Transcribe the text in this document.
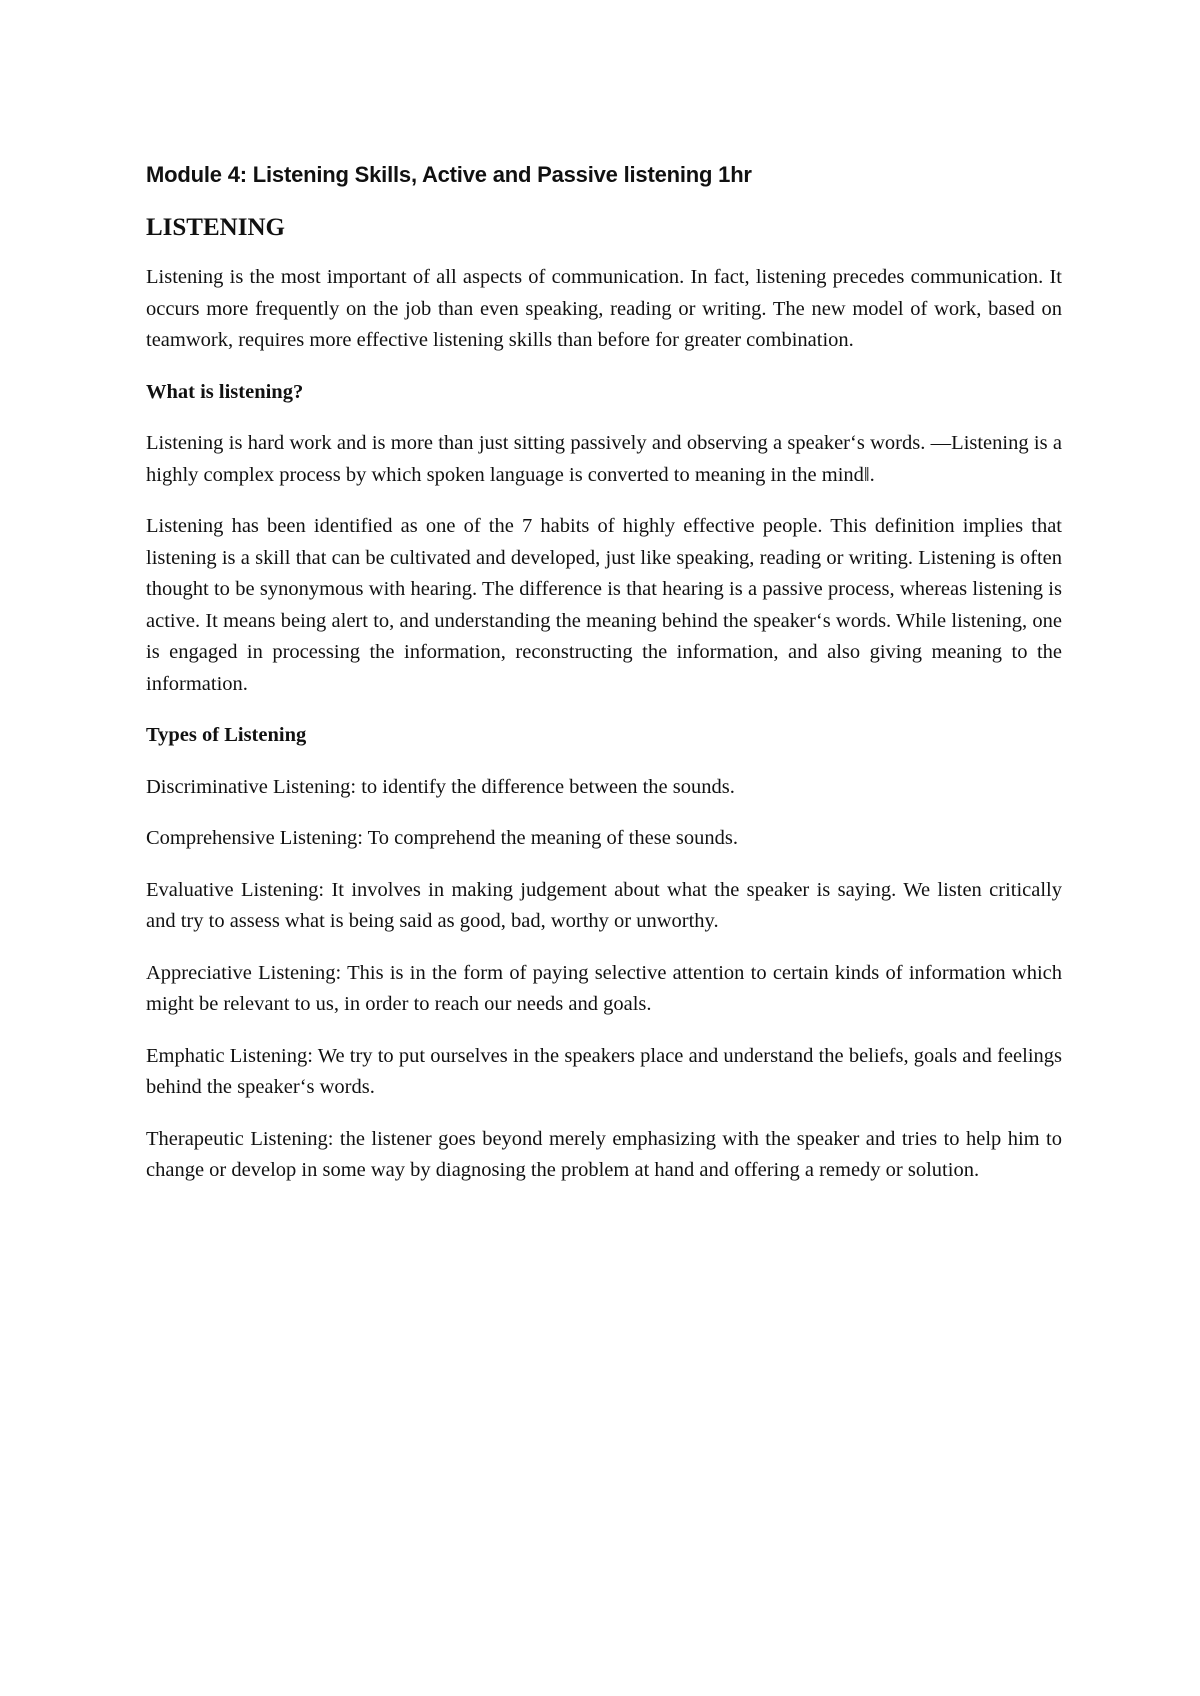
Module 4: Listening Skills, Active and Passive listening 1hr
LISTENING

Listening is the most important of all aspects of communication. In fact, listening precedes communication. It occurs more frequently on the job than even speaking, reading or writing. The new model of work, based on teamwork, requires more effective listening skills than before for greater combination.

What is listening?

Listening is hard work and is more than just sitting passively and observing a speaker‘s words. ―Listening is a highly complex process by which spoken language is converted to meaning in the mind‖.

Listening has been identified as one of the 7 habits of highly effective people. This definition implies that listening is a skill that can be cultivated and developed, just like speaking, reading or writing. Listening is often thought to be synonymous with hearing. The difference is that hearing is a passive process, whereas listening is active. It means being alert to, and understanding the meaning behind the speaker‘s words. While listening, one is engaged in processing the information, reconstructing the information, and also giving meaning to the information.

Types of Listening

Discriminative Listening: to identify the difference between the sounds.

Comprehensive Listening: To comprehend the meaning of these sounds.

Evaluative Listening: It involves in making judgement about what the speaker is saying. We listen critically and try to assess what is being said as good, bad, worthy or unworthy.

Appreciative Listening: This is in the form of paying selective attention to certain kinds of information which might be relevant to us, in order to reach our needs and goals.

Emphatic Listening: We try to put ourselves in the speakers place and understand the beliefs, goals and feelings behind the speaker‘s words.

Therapeutic Listening: the listener goes beyond merely emphasizing with the speaker and tries to help him to change or develop in some way by diagnosing the problem at hand and offering a remedy or solution.
